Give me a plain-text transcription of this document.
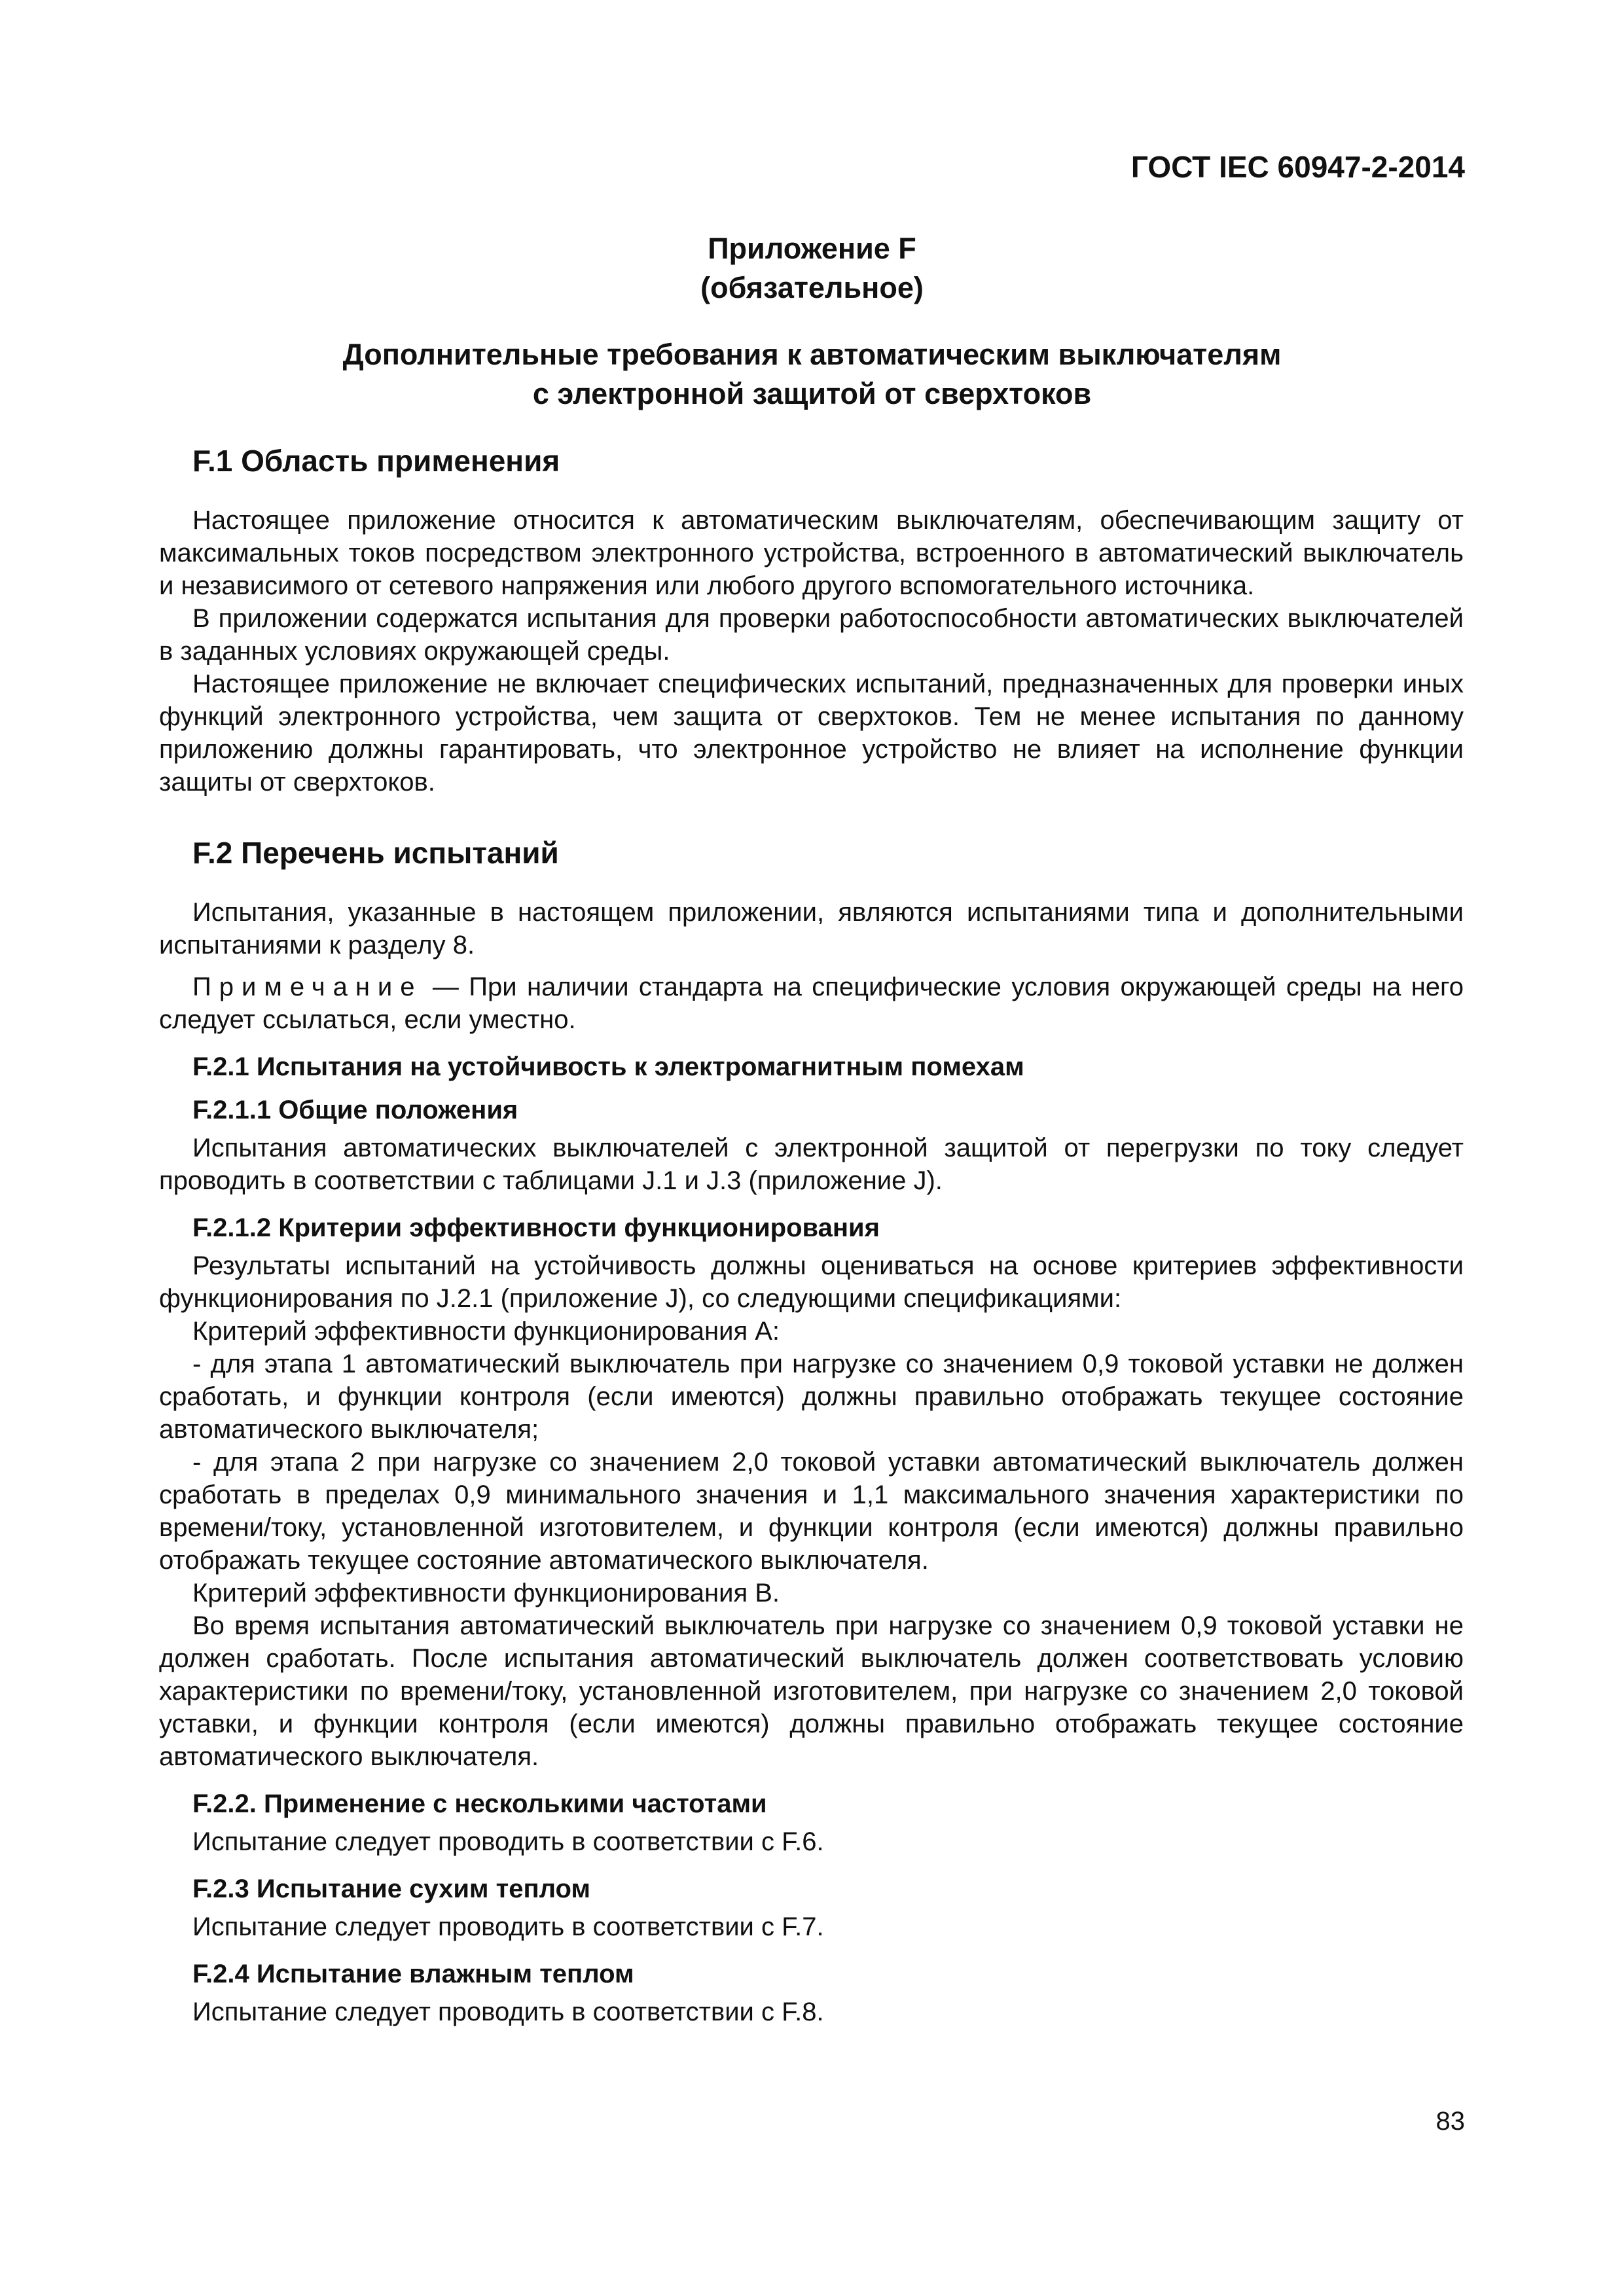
ГОСТ IEC 60947-2-2014
Приложение F
(обязательное)
Дополнительные требования к автоматическим выключателям
с электронной защитой от сверхтоков
F.1 Область применения

Настоящее приложение относится к автоматическим выключателям, обеспечивающим защиту от максимальных токов посредством электронного устройства, встроенного в автоматический выключатель и независимого от сетевого напряжения или любого другого вспомогательного источника.

В приложении содержатся испытания для проверки работоспособности автоматических выключателей в заданных условиях окружающей среды.

Настоящее приложение не включает специфических испытаний, предназначенных для проверки иных функций электронного устройства, чем защита от сверхтоков. Тем не менее испытания по данному приложению должны гарантировать, что электронное устройство не влияет на исполнение функции защиты от сверхтоков.

F.2 Перечень испытаний

Испытания, указанные в настоящем приложении, являются испытаниями типа и дополнительными испытаниями к разделу 8.

Примечание — При наличии стандарта на специфические условия окружающей среды на него следует ссылаться, если уместно.

F.2.1 Испытания на устойчивость к электромагнитным помехам
F.2.1.1 Общие положения

Испытания автоматических выключателей с электронной защитой от перегрузки по току следует проводить в соответствии с таблицами J.1 и J.3 (приложение J).

F.2.1.2 Критерии эффективности функционирования

Результаты испытаний на устойчивость должны оцениваться на основе критериев эффективности функционирования по J.2.1 (приложение J), со следующими спецификациями:

Критерий эффективности функционирования А:

- для этапа 1 автоматический выключатель при нагрузке со значением 0,9 токовой уставки не должен сработать, и функции контроля (если имеются) должны правильно отображать текущее состояние автоматического выключателя;

- для этапа 2 при нагрузке со значением 2,0 токовой уставки автоматический выключатель должен сработать в пределах 0,9 минимального значения и 1,1 максимального значения характеристики по времени/току, установленной изготовителем, и функции контроля (если имеются) должны правильно отображать текущее состояние автоматического выключателя.

Критерий эффективности функционирования В.

Во время испытания автоматический выключатель при нагрузке со значением 0,9 токовой уставки не должен сработать. После испытания автоматический выключатель должен соответствовать условию характеристики по времени/току, установленной изготовителем, при нагрузке со значением 2,0 токовой уставки, и функции контроля (если имеются) должны правильно отображать текущее состояние автоматического выключателя.

F.2.2. Применение с несколькими частотами

Испытание следует проводить в соответствии с F.6.

F.2.3 Испытание сухим теплом

Испытание следует проводить в соответствии с F.7.

F.2.4 Испытание влажным теплом

Испытание следует проводить в соответствии с F.8.

83
